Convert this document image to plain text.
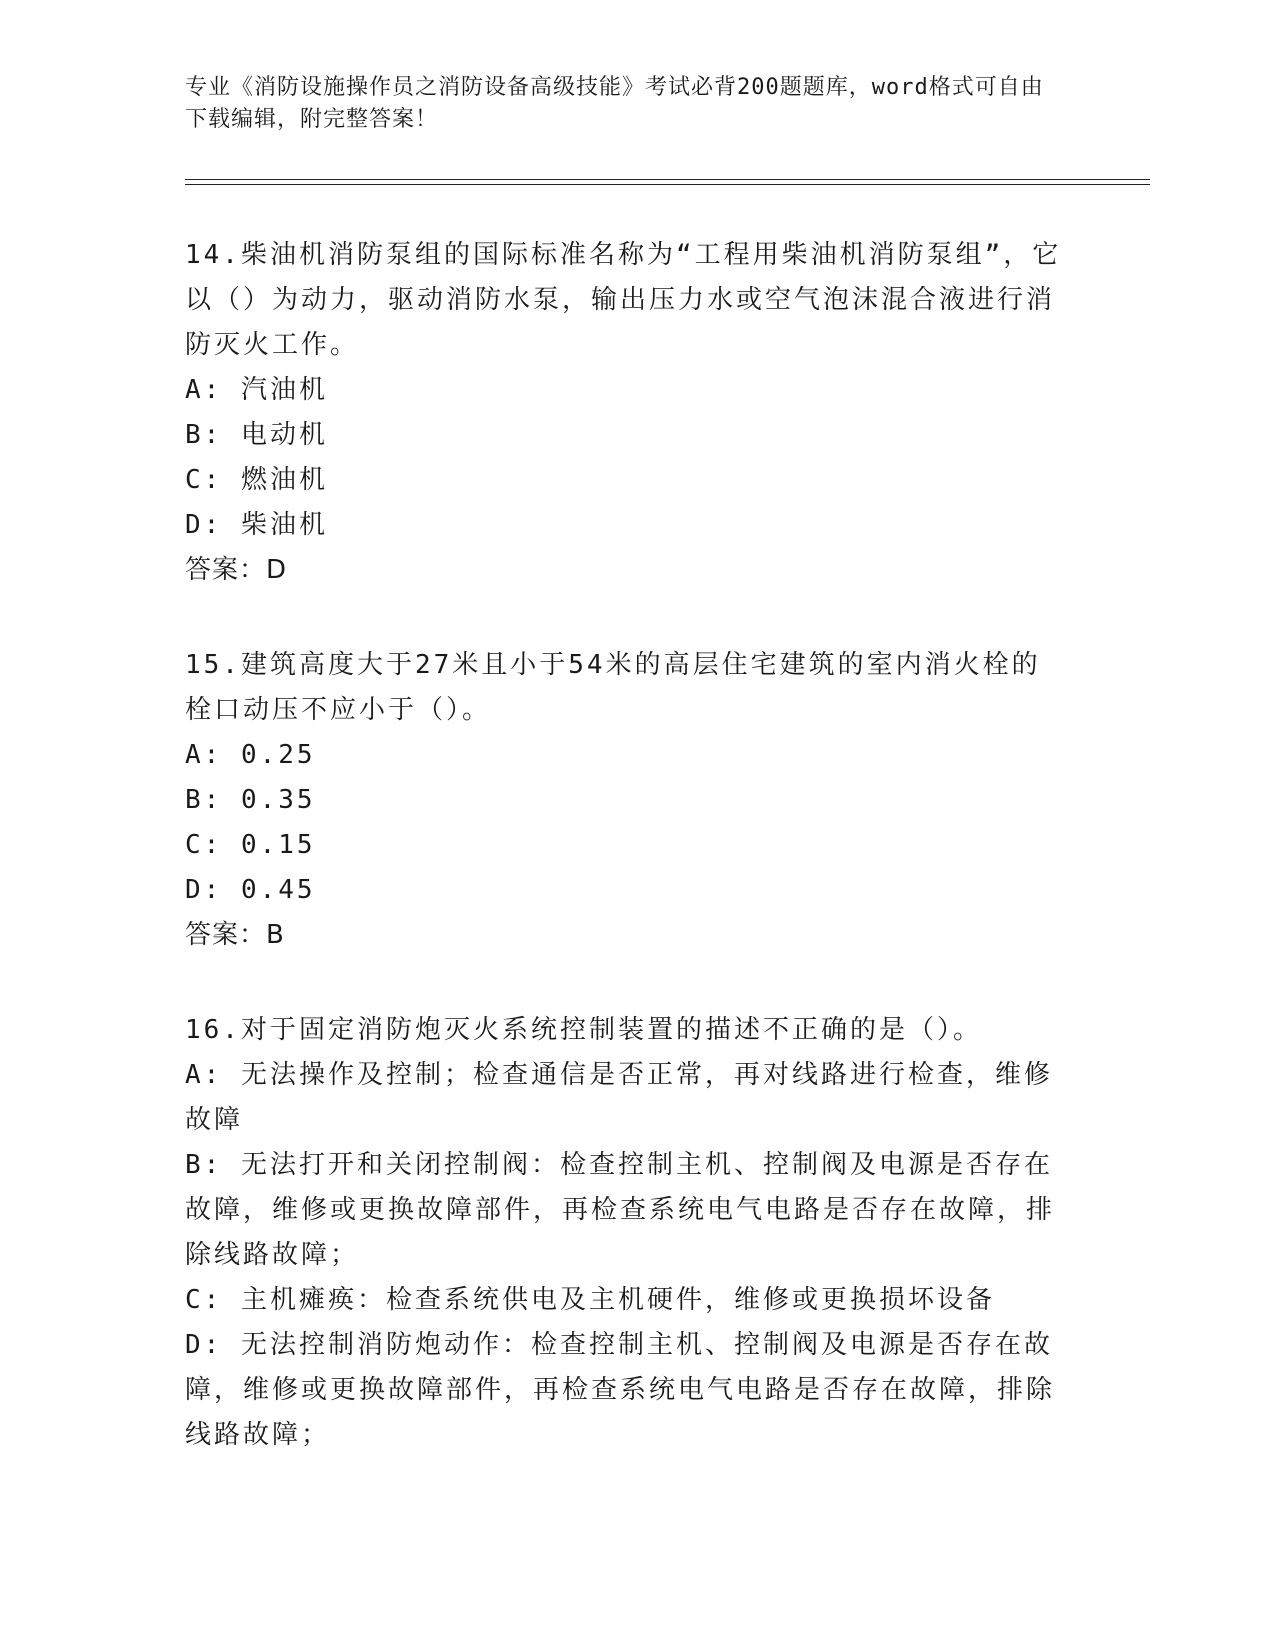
专业《消防设施操作员之消防设备高级技能》考试必背200题题库，word格式可自由下载编辑，附完整答案！

14.柴油机消防泵组的国际标准名称为“工程用柴油机消防泵组”，它以（）为动力，驱动消防水泵，输出压力水或空气泡沫混合液进行消防灭火工作。

A: 汽油机

B: 电动机

C: 燃油机

D: 柴油机

答案：D

15.建筑高度大于27米且小于54米的高层住宅建筑的室内消火栓的栓口动压不应小于（）。

A: 0.25

B: 0.35

C: 0.15

D: 0.45

答案：B

16.对于固定消防炮灭火系统控制装置的描述不正确的是（）。

A: 无法操作及控制；检查通信是否正常，再对线路进行检查，维修故障

B: 无法打开和关闭控制阀：检查控制主机、控制阀及电源是否存在故障，维修或更换故障部件，再检查系统电气电路是否存在故障，排除线路故障；

C: 主机瘫痪：检查系统供电及主机硬件，维修或更换损坏设备

D: 无法控制消防炮动作：检查控制主机、控制阀及电源是否存在故障，维修或更换故障部件，再检查系统电气电路是否存在故障，排除线路故障；
